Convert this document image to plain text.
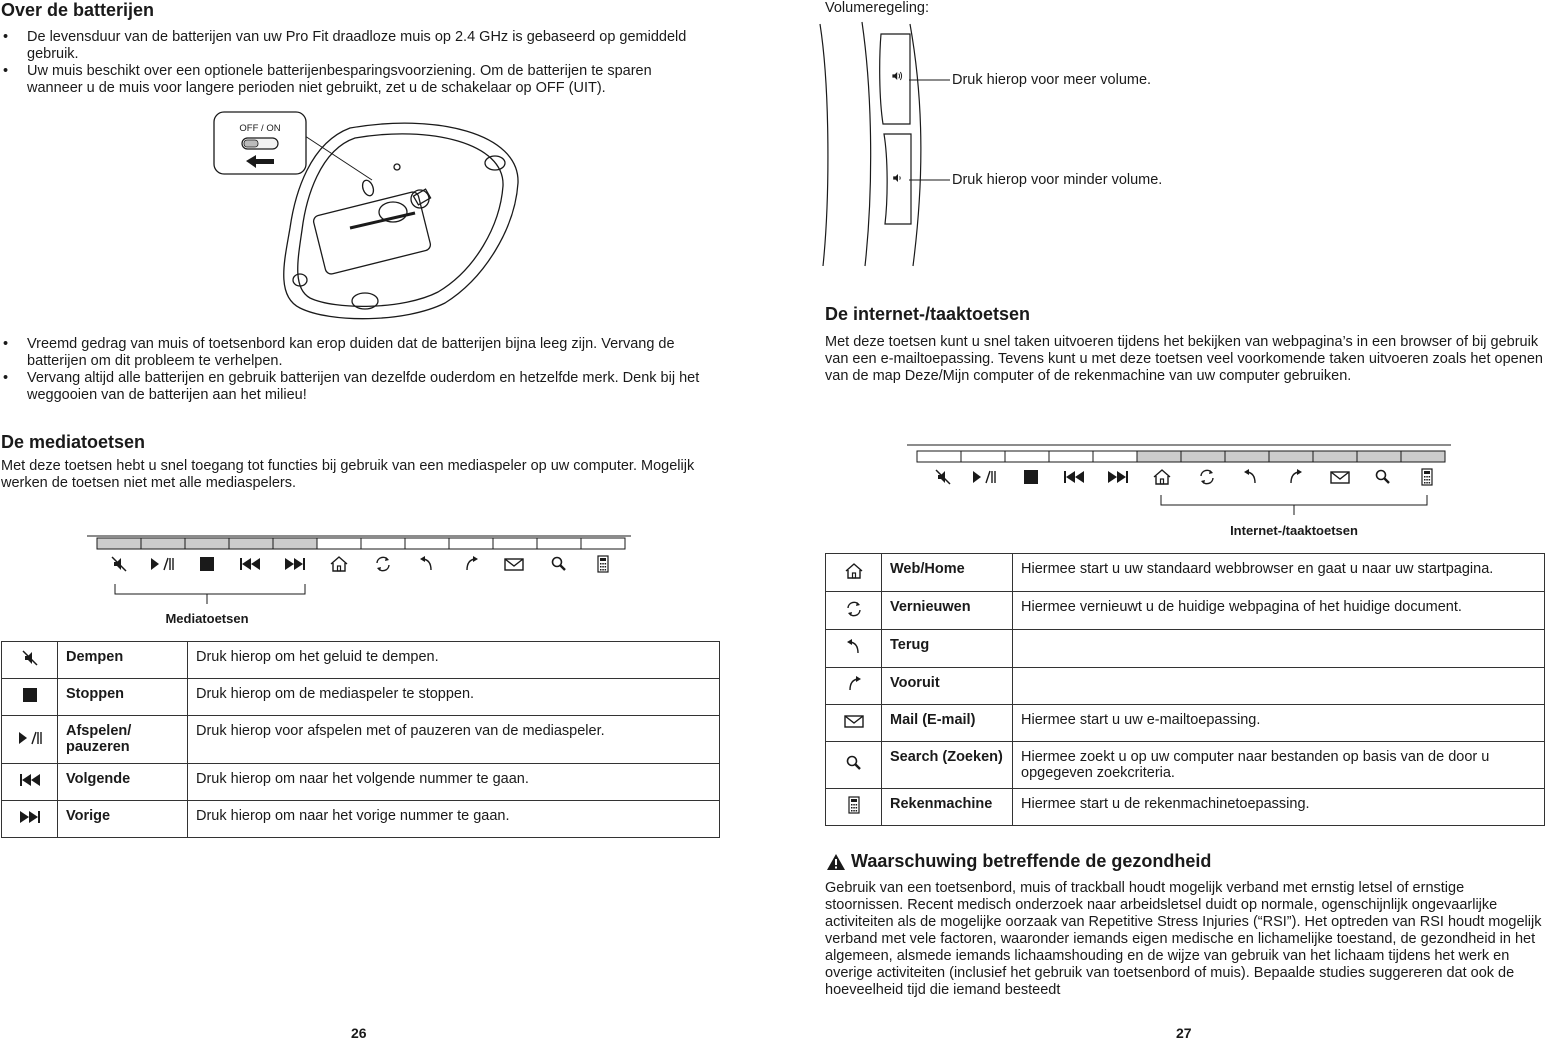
Over de batterijen
• De levensduur van de batterijen van uw Pro Fit draadloze muis op 2.4 GHz is gebaseerd op gemiddeld gebruik.
• Uw muis beschikt over een optionele batterijenbesparingsvoorziening. Om de batterijen te sparen wanneer u de muis voor langere perioden niet gebruikt, zet u de schakelaar op OFF (UIT).
OFF / ON
• Vreemd gedrag van muis of toetsenbord kan erop duiden dat de batterijen bijna leeg zijn. Vervang de batterijen om dit probleem te verhelpen.
• Vervang altijd alle batterijen en gebruik batterijen van dezelfde ouderdom en hetzelfde merk. Denk bij het weggooien van de batterijen aan het milieu!
De mediatoetsen
Met deze toetsen hebt u snel toegang tot functies bij gebruik van een mediaspeler op uw computer. Mogelijk werken de toetsen niet met alle mediaspelers.
Mediatoetsen
	Dempen	Druk hierop om het geluid te dempen.
	Stoppen	Druk hierop om de mediaspeler te stoppen.
	Afspelen/ pauzeren	Druk hierop voor afspelen met of pauzeren van de mediaspeler.
	Volgende	Druk hierop om naar het volgende nummer te gaan.
	Vorige	Druk hierop om naar het vorige nummer te gaan.
26
Volumeregeling:
Druk hierop voor meer volume.
Druk hierop voor minder volume.
De internet-/taaktoetsen
Met deze toetsen kunt u snel taken uitvoeren tijdens het bekijken van webpagina’s in een browser of bij gebruik van een e-mailtoepassing. Tevens kunt u met deze toetsen veel voorkomende taken uitvoeren zoals het openen van de map Deze/Mijn computer of de rekenmachine van uw computer gebruiken.
Internet-/taaktoetsen
	Web/Home	Hiermee start u uw standaard webbrowser en gaat u naar uw startpagina.
	Vernieuwen	Hiermee vernieuwt u de huidige webpagina of het huidige document.
	Terug	
	Vooruit	
	Mail (E-mail)	Hiermee start u uw e-mailtoepassing.
	Search (Zoeken)	Hiermee zoekt u op uw computer naar bestanden op basis van de door u opgegeven zoekcriteria.
	Rekenmachine	Hiermee start u de rekenmachinetoepassing.
Waarschuwing betreffende de gezondheid
Gebruik van een toetsenbord, muis of trackball houdt mogelijk verband met ernstig letsel of ernstige stoornissen. Recent medisch onderzoek naar arbeidsletsel duidt op normale, ogenschijnlijk ongevaarlijke activiteiten als de mogelijke oorzaak van Repetitive Stress Injuries (“RSI”). Het optreden van RSI houdt mogelijk verband met vele factoren, waaronder iemands eigen medische en lichamelijke toestand, de gezondheid in het algemeen, alsmede iemands lichaamshouding en de wijze van gebruik van het lichaam tijdens het werk en overige activiteiten (inclusief het gebruik van toetsenbord of muis). Bepaalde studies suggereren dat ook de hoeveelheid tijd die iemand besteedt
27
